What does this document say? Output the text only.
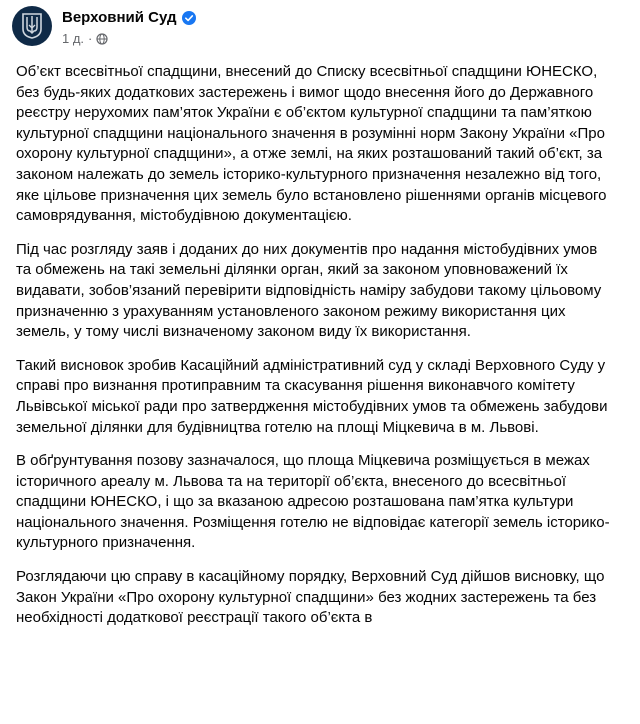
Верховний Суд
1 д. ·

Об’єкт всесвітньої спадщини, внесений до Списку всесвітньої спадщини ЮНЕСКО, без будь-яких додаткових застережень і вимог щодо внесення його до Державного реєстру нерухомих пам’яток України є об’єктом культурної спадщини та пам’яткою культурної спадщини національного значення в розумінні норм Закону України «Про охорону культурної спадщини», а отже землі, на яких розташований такий об’єкт, за законом належать до земель історико-культурного призначення незалежно від того, яке цільове призначення цих земель було встановлено рішеннями органів місцевого самоврядування, містобудівною документацією.

Під час розгляду заяв і доданих до них документів про надання містобудівних умов та обмежень на такі земельні ділянки орган, який за законом уповноважений їх видавати, зобов’язаний перевірити відповідність наміру забудови такому цільовому призначенню з урахуванням установленого законом режиму використання цих земель, у тому числі визначеному законом виду їх використання.

Такий висновок зробив Касаційний адміністративний суд у складі Верховного Суду у справі про визнання протиправним та скасування рішення виконавчого комітету Львівської міської ради про затвердження містобудівних умов та обмежень забудови земельної ділянки для будівництва готелю на площі Міцкевича в м. Львові.

В обґрунтування позову зазначалося, що площа Міцкевича розміщується в межах історичного ареалу м. Львова та на території об’єкта, внесеного до всесвітньої спадщини ЮНЕСКО, і що за вказаною адресою розташована пам’ятка культури національного значення. Розміщення готелю не відповідає категорії земель історико-культурного призначення.

Розглядаючи цю справу в касаційному порядку, Верховний Суд дійшов висновку, що Закон України «Про охорону культурної спадщини» без жодних застережень та без необхідності додаткової реєстрації такого об’єкта в
